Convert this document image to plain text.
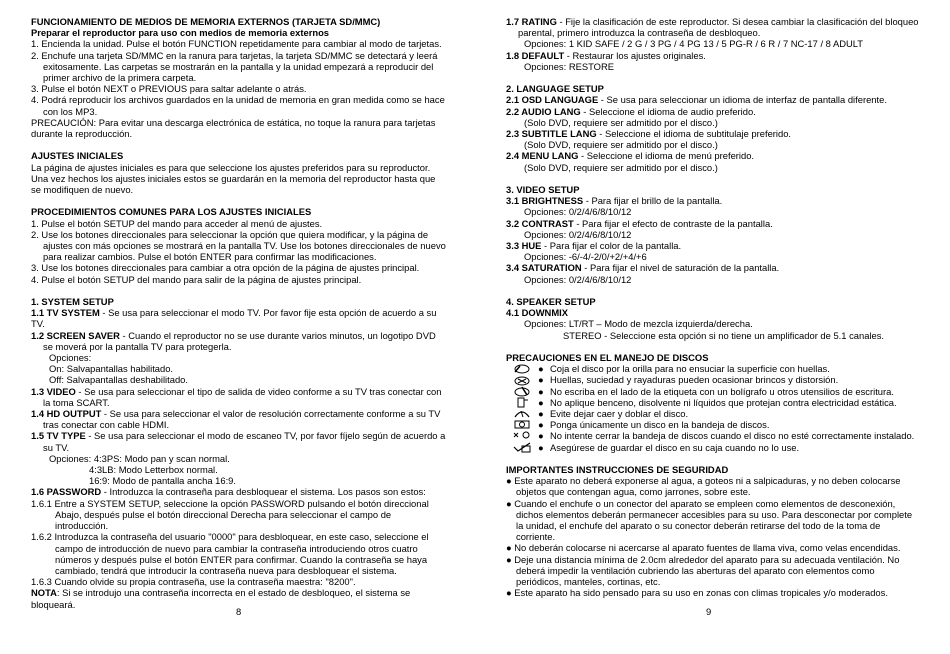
FUNCIONAMIENTO DE MEDIOS DE MEMORIA EXTERNOS (TARJETA SD/MMC)
Preparar el reproductor para uso con medios de memoria externos
1. Encienda la unidad. Pulse el botón FUNCTION repetidamente para cambiar al modo de tarjetas.
2. Enchufe una tarjeta SD/MMC en la ranura para tarjetas, la tarjeta SD/MMC se detectará y leerá exitosamente. Las carpetas se mostrarán en la pantalla y la unidad empezará a reproducir del primer archivo de la primera carpeta.
3. Pulse el botón NEXT o PREVIOUS para saltar adelante o atrás.
4. Podrá reproducir los archivos guardados en la unidad de memoria en gran medida como se hace con los MP3.
PRECAUCIÓN: Para evitar una descarga electrónica de estática, no toque la ranura para tarjetas durante la reproducción.
AJUSTES INICIALES
La página de ajustes iniciales es para que seleccione los ajustes preferidos para su reproductor. Una vez hechos los ajustes iniciales estos se guardarán en la memoria del reproductor hasta que se modifiquen de nuevo.
PROCEDIMIENTOS COMUNES PARA LOS AJUSTES INICIALES
1. Pulse el botón SETUP del mando para acceder al menú de ajustes.
2. Use los botones direccionales para seleccionar la opción que quiera modificar, y la página de ajustes con más opciones se mostrará en la pantalla TV. Use los botones direccionales de nuevo para realizar cambios. Pulse el botón ENTER para confirmar las modificaciones.
3. Use los botones direccionales para cambiar a otra opción de la página de ajustes principal.
4. Pulse el botón SETUP del mando para salir de la página de ajustes principal.
1. SYSTEM SETUP
1.1 TV SYSTEM - Se usa para seleccionar el modo TV. Por favor fije esta opción de acuerdo a su TV.
1.2 SCREEN SAVER - Cuando el reproductor no se use durante varios minutos, un logotipo DVD se moverá por la pantalla TV para protegerla.
Opciones:
On: Salvapantallas habilitado.
Off: Salvapantallas deshabilitado.
1.3 VIDEO - Se usa para seleccionar el tipo de salida de video conforme a su TV tras conectar con la toma SCART.
1.4 HD OUTPUT - Se usa para seleccionar el valor de resolución correctamente conforme a su TV tras conectar con cable HDMI.
1.5 TV TYPE - Se usa para seleccionar el modo de escaneo TV, por favor fíjelo según de acuerdo a su TV.
Opciones: 4:3PS: Modo pan y scan normal.
4:3LB: Modo Letterbox normal.
16:9: Modo de pantalla ancha 16:9.
1.6 PASSWORD - Introduzca la contraseña para desbloquear el sistema. Los pasos son estos:
1.6.1 Entre a SYSTEM SETUP, seleccione la opción PASSWORD pulsando el botón direccional Abajo, después pulse el botón direccional Derecha para seleccionar el campo de introducción.
1.6.2 Introduzca la contraseña del usuario "0000" para desbloquear, en este caso, seleccione el campo de introducción de nuevo para cambiar la contraseña introduciendo otros cuatro números y después pulse el botón ENTER para confirmar. Cuando la contraseña se haya cambiado, tendrá que introducir la contraseña nueva para desbloquear el sistema.
1.6.3 Cuando olvide su propia contraseña, use la contraseña maestra: "8200".
NOTA: Si se introdujo una contraseña incorrecta en el estado de desbloqueo, el sistema se bloqueará.
8
1.7 RATING - Fije la clasificación de este reproductor. Si desea cambiar la clasificación del bloqueo parental, primero introduzca la contraseña de desbloqueo.
Opciones: 1 KID SAFE / 2 G / 3 PG / 4 PG 13 / 5 PG-R / 6 R / 7 NC-17 / 8 ADULT
1.8 DEFAULT - Restaurar los ajustes originales.
Opciones: RESTORE
2. LANGUAGE SETUP
2.1 OSD LANGUAGE - Se usa para seleccionar un idioma de interfaz de pantalla diferente.
2.2 AUDIO LANG - Seleccione el idioma de audio preferido.
(Solo DVD, requiere ser admitido por el disco.)
2.3 SUBTITLE LANG - Seleccione el idioma de subtitulaje preferido.
(Solo DVD, requiere ser admitido por el disco.)
2.4 MENU LANG - Seleccione el idioma de menú preferido.
(Solo DVD, requiere ser admitido por el disco.)
3. VIDEO SETUP
3.1 BRIGHTNESS - Para fijar el brillo de la pantalla.
Opciones: 0/2/4/6/8/10/12
3.2 CONTRAST - Para fijar el efecto de contraste de la pantalla.
Opciones: 0/2/4/6/8/10/12
3.3 HUE - Para fijar el color de la pantalla.
Opciones: -6/-4/-2/0/+2/+4/+6
3.4 SATURATION - Para fijar el nivel de saturación de la pantalla.
Opciones: 0/2/4/6/8/10/12
4. SPEAKER SETUP
4.1 DOWNMIX
Opciones: LT/RT – Modo de mezcla izquierda/derecha.
STEREO - Seleccione esta opción si no tiene un amplificador de 5.1 canales.
PRECAUCIONES EN EL MANEJO DE DISCOS
● Coja el disco por la orilla para no ensuciar la superficie con huellas.
● Huellas, suciedad y rayaduras pueden ocasionar brincos y distorsión.
● No escriba en el lado de la etiqueta con un bolígrafo u otros utensilios de escritura.
● No aplique benceno, disolvente ni líquidos que protejan contra electricidad estática.
● Evite dejar caer y doblar el disco.
● Ponga únicamente un disco en la bandeja de discos.
● No intente cerrar la bandeja de discos cuando el disco no esté correctamente instalado.
● Asegúrese de guardar el disco en su caja cuando no lo use.
IMPORTANTES INSTRUCCIONES DE SEGURIDAD
● Este aparato no deberá exponerse al agua, a goteos ni a salpicaduras, y no deben colocarse objetos que contengan agua, como jarrones, sobre este.
● Cuando el enchufe o un conector del aparato se empleen como elementos de desconexión, dichos elementos deberán permanecer accesibles para su uso. Para desconectar por complete la unidad, el enchufe del aparato o su conector deberán retirarse del todo de la toma de corriente.
● No deberán colocarse ni acercarse al aparato fuentes de llama viva, como velas encendidas.
● Deje una distancia mínima de 2.0cm alrededor del aparato para su adecuada ventilación. No deberá impedir la ventilación cubriendo las aberturas del aparato con elementos como periódicos, manteles, cortinas, etc.
● Este aparato ha sido pensado para su uso en zonas con climas tropicales y/o moderados.
9
